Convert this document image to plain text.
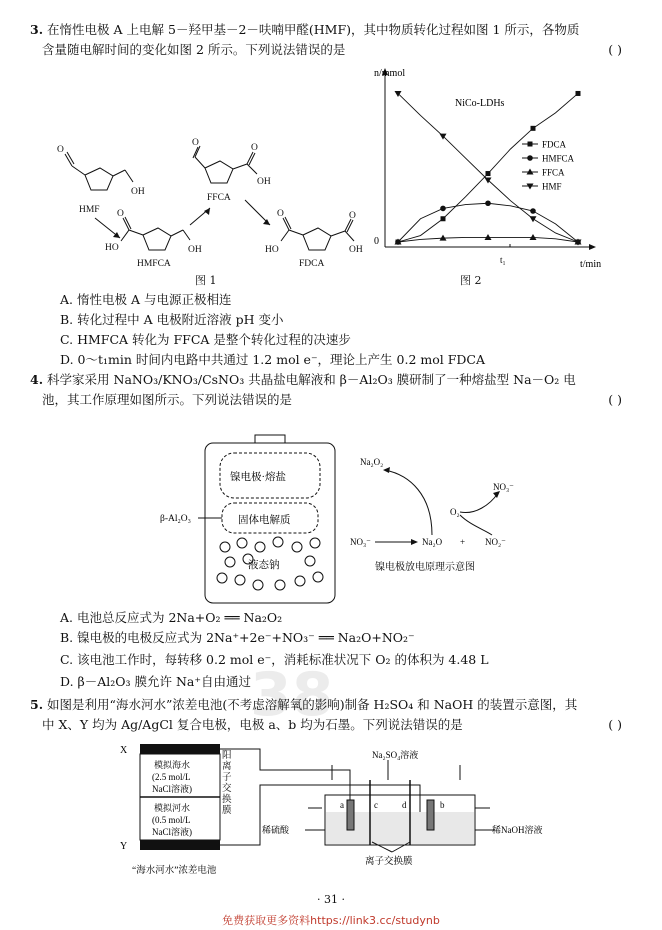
3. 在惰性电极 A 上电解 5－羟甲基－2－呋喃甲醛(HMF)，其中物质转化过程如图 1 所示，各物质
含量随电解时间的变化如图 2 所示。下列说法错误的是	( )
O
OH
O	O
OH
O
HO	OH
O
HO
O
OH
HMF
FFCA
HMFCA	FDCA
图 1
n/mmol
t/min
0
t₁
NiCo-LDHs
FDCA
HMFCA
FFCA
HMF
图 2
A. 惰性电极 A 与电源正极相连
B. 转化过程中 A 电极附近溶液 pH 变小
C. HMFCA 转化为 FFCA 是整个转化过程的决速步
D. 0～t₁min 时间内电路中共通过 1.2 mol e⁻，理论上产生 0.2 mol FDCA
4. 科学家采用 NaNO₃/KNO₃/CsNO₃ 共晶盐电解液和 β－Al₂O₃ 膜研制了一种熔盐型 Na－O₂ 电
池，其工作原理如图所示。下列说法错误的是	( )
镍电极·熔盐
固体电解质
液态钠
β-Al₂O₃
Na₂O₂
NO₃⁻
O₂
NO₃⁻	Na₂O + NO₂⁻
镍电极放电原理示意图
A. 电池总反应式为 2Na+O₂ ══ Na₂O₂
B. 镍电极的电极反应式为 2Na⁺+2e⁻+NO₃⁻ ══ Na₂O+NO₂⁻
C. 该电池工作时，每转移 0.2 mol e⁻，消耗标准状况下 O₂ 的体积为 4.48 L
D. β－Al₂O₃ 膜允许 Na⁺自由通过 38
5. 如图是利用“海水河水”浓差电池(不考虑溶解氧的影响)制备 H₂SO₄ 和 NaOH 的装置示意图，其
中 X、Y 均为 Ag/AgCl 复合电极，电极 a、b 均为石墨。下列说法错误的是	( )
X
Y
模拟海水
(2.5 mol/L
NaCl溶液)
模拟河水
(0.5 mol/L
NaCl溶液)
阳离子交换膜
“海水河水”浓差电池
a	c	d	b
Na₂SO₄溶液
稀硫酸	稀NaOH溶液
离子交换膜
· 31 ·
免费获取更多资料https://link3.cc/studynb
